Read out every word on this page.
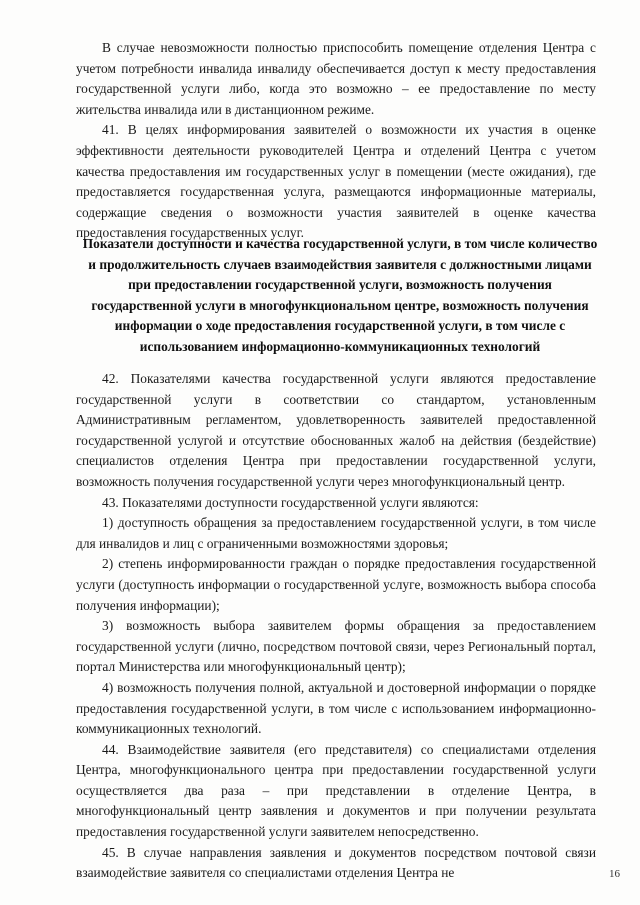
В случае невозможности полностью приспособить помещение отделения Центра с учетом потребности инвалида инвалиду обеспечивается доступ к месту предоставления государственной услуги либо, когда это возможно – ее предоставление по месту жительства инвалида или в дистанционном режиме.

41. В целях информирования заявителей о возможности их участия в оценке эффективности деятельности руководителей Центра и отделений Центра с учетом качества предоставления им государственных услуг в помещении (месте ожидания), где предоставляется государственная услуга, размещаются информационные материалы, содержащие сведения о возможности участия заявителей в оценке качества предоставления государственных услуг.

Показатели доступности и качества государственной услуги, в том числе количество и продолжительность случаев взаимодействия заявителя с должностными лицами при предоставлении государственной услуги, возможность получения государственной услуги в многофункциональном центре, возможность получения информации о ходе предоставления государственной услуги, в том числе с использованием информационно-коммуникационных технологий

42. Показателями качества государственной услуги являются предоставление государственной услуги в соответствии со стандартом, установленным Административным регламентом, удовлетворенность заявителей предоставленной государственной услугой и отсутствие обоснованных жалоб на действия (бездействие) специалистов отделения Центра при предоставлении государственной услуги, возможность получения государственной услуги через многофункциональный центр.

43. Показателями доступности государственной услуги являются:

1) доступность обращения за предоставлением государственной услуги, в том числе для инвалидов и лиц с ограниченными возможностями здоровья;

2) степень информированности граждан о порядке предоставления государственной услуги (доступность информации о государственной услуге, возможность выбора способа получения информации);

3) возможность выбора заявителем формы обращения за предоставлением государственной услуги (лично, посредством почтовой связи, через Региональный портал, портал Министерства или многофункциональный центр);

4) возможность получения полной, актуальной и достоверной информации о порядке предоставления государственной услуги, в том числе с использованием информационно-коммуникационных технологий.

44. Взаимодействие заявителя (его представителя) со специалистами отделения Центра, многофункционального центра при предоставлении государственной услуги осуществляется два раза – при представлении в отделение Центра, в многофункциональный центр заявления и документов и при получении результата предоставления государственной услуги заявителем непосредственно.

45. В случае направления заявления и документов посредством почтовой связи взаимодействие заявителя со специалистами отделения Центра не	16
